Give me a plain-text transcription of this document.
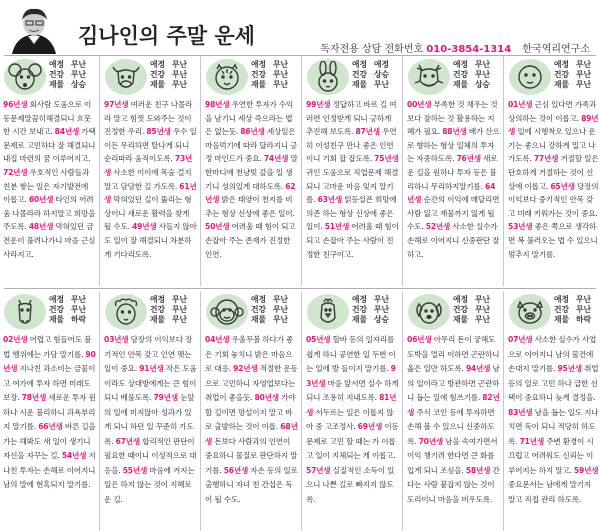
김나인의 주말 운세
독자전용 상담 전화번호 010-3854-1314 한국역리연구소
애정 무난
건강 무난
재물 상승
96년생 회사람 도움으로 이동문제말끔히해결되니 흐뭇한 시간 보내고. 84년생 가택문제로 고민하다 잘 해결되니 내집 마련의 꿈 이루어지고. 72년생 우호적인 사람들과 친분 쌓는 일은 자기발전에 이롭고. 60년생 타인의 어려움 나몰라라 하지말고 희망을 주도록. 48년생 막혀있던 금전운이 풀려나가니 마음 근심 사라지고.
애정 무난
건강 무난
재물 무난
97년생 여러운 친구 나몰라라 말고 힘껏 도와주는 것이 진정한 우리. 85년생 우수 일이든 무리하면 탈나게 되니 순리따라 움직이도록. 73년생 사소한 이이에 목숨 걸지 말고 담담한 길 가도록. 61년생 막혀있던 길이 뚫리는 형상이니 새로운 활력을 찾게 될 수도. 49년생 사들지 않아도 일이 잘 해결되니 차분하게 기다리도록.
애정 무난
건강 무난
재물 무난
98년생 우연한 투자가 수익을 남기니 세상 즉으라는 법은 없는듯. 86년생 세상일은 마음먹기에 따라 달라지니 긍정 마인드가 중요. 74년생 말 한마디에 천냥빚 갚을 일 생기니 성의있게 대하도록. 62년생 밝은 태양이 천지를 비추는 형상 신상에 좋은 일이. 50년생 어려울 때 힘이 되고 손잡아 주는 존재가 진정한 인연.
애정 애정
건강 상승
재물 무난
99년생 정답하고 바르 길 여러면 인정받게 되니 긍하게 추진해 보도록. 87년생 우연히 이성친구 만나 좋은 인연이니 기회 잡 잡도록. 75년생 귀인 도움으로 직업문제 해결되니 고마운 마음 잊지 말기를. 63년생 얽등설픈 희망에 의존 하는 형상 신상에 좋은 일이. 51년생 어려울 때 힘이 되고 손잡아 주는 사람이 진정한 친구이고.
애정 무난
건강 무난
재물 상승
00년생 부족한 것 채우는 것보다 잘하는 것 활용하는 지혜가 필요. 88년생 배가 산으로 향하는 형상 일체의 투자는 자중하도록. 76년생 새로운 길을 원하나 투자 등은 불리하니 무리하지말기를. 64년생 순간의 이익에 매달리면 사람 잃고 재물까지 잃게 될 수도. 52년생 사소한 실수가 손해로 이어지니 신중판단 잘하고.
애정 무난
건강 무난
재물 무난
01년생 근심 있다면 가족과 상의하는 것이 이롭고. 89년생 일에 시행착오 있으나 운기는 좋으니 강하게 밀고 나가도록. 77년생 거절할 일은 단호하게 거절하는 것이 신상에 이롭고. 65년생 당장의 이익보다 중기적인 안목 갖고 미래 키워가는 것이 중요. 53년생 좋은 쪽으로 생각하면 복 불러오는 법 수 있으니 멈추지 말기를.
애정 무난
건강 무난
재물 하락
02년생 어렵고 힘들어도 불법 행위에는 가담 말기를. 90년생 지나친 과소비는 금물이고 여가에 투자 하면 미래도 보장. 78년생 새로운 투자 원하나 시운 불리하니 과욕부리지 말기를. 66년생 바른 길을 가는 해봐도 새 일이 생기니 자신을 자꾸는 길. 54년생 지나친 투자는 손해로 이어지니 남의 말에 현혹되지 말기를.
애정 무난
건강 무난
재물 무난
03년생 담장의 이익보다 장기적인 안목 갖고 인연 맺는 일이 중요. 91년생 작은 도움이라도 상대방에게는 큰 힘이 되니 베풀도록. 79년생 눈앞의 일에 미지않아 성과가 있게 되니 하던 일 꾸준히 가도록. 67년생 합리적인 판단이 필요한 때이니 이성적으로 대응을. 55년생 마음에 겨지는 일은 하지 않는 것이 지혜로운 길.
애정 무난
건강 무난
재물 무난
04년생 우울무볼 하다가 좋은 기회 놓치니 밝은 마음으로 대응. 92년생 적절한 운동으로 고민하니 자영업보다는 취업이 좋을듯. 80년생 가야 할 길이면 망설이지 말고 바로 출발하는 것이 이롭. 68년생 돈보다 사람과의 인연이 중요하니 물질로 판단하지 말기를. 56년생 자손 등의 일로 출행하니 자녀 친 간섭은 독이 될 수도.
애정 무난
건강 무난
재물 상승
05년생 할바 등의 일자리를 쉽게 하니 공연한 일 두번 이는 일에 방 들이지 말기를. 93년생 마음 앞서면 실수 하게 되니 조용히 지내도록. 81년생 서두르는 일은 이롭지 않아 중 고조정사. 69년생 이동 문제로 고민 할 때는 가 이롭고 일이 지체되는 게 이롭고. 57년생 실질적인 소득이 있으니 나쁜 길로 빠지지 않도록.
애정 무난
건강 무난
재물 무난
06년생 아무리 돈이 궁해도 도박을 멀리 이하면 곤란하니 옳은 일만 하도록. 94년생 남의 일이라고 방관하면 곤란하니 돕는 일에 힘쓰기를. 82년생 주식 코인 등에 투자하면 손해 볼 수 있으니 신중하도록. 70년생 남을 속여가면서 이익 챙기려 한다면 큰 화를 입게 되니 조심을. 58년생 간다는 사람 붙잡지 않는 것이 도리이니 마음을 비우도록.
애정 무난
건강 무난
재물 하락
07년생 사소한 실수가 사업으로 이어지니 남의 물건에 손대지 말기를. 95년생 취업 등의 일로 고민 하나 급한 선택이 중요하니 늦게 결정을. 83년생 남을 돕는 일도 지나치면 독이 되니 적당히 하도록. 71년생 주변 환경이 시끄럽고 어려워도 신뢰는 이루어지는 하지 말고. 59년생 중요문서는 남에게 말기지 말고 직접 관리 하도록.
